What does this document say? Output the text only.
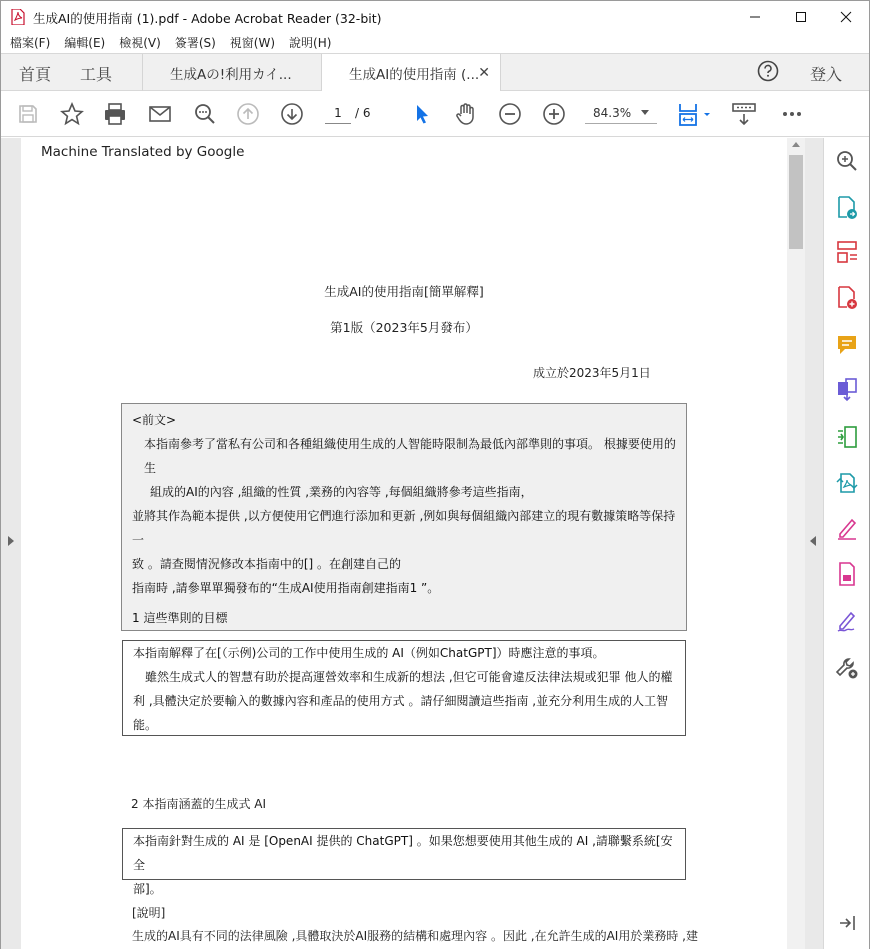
生成AI的使用指南 (1).pdf - Adobe Acrobat Reader (32-bit)
檔案(F) 編輯(E) 檢視(V) 簽署(S) 視窗(W) 說明(H)
首頁 工具	生成Aの!利用カイ...	生成AI的使用指南 (... ✕	登入
1	/ 6	84.3%
Machine Translated by Google
生成AI的使用指南[簡單解釋]
第1版（2023年5月發布）
成立於2023年5月1日
<前文>
本指南參考了當私有公司和各種組織使用生成的人智能時限制為最低內部準則的事項。 根據要使用的生
組成的AI的內容 ,組織的性質 ,業務的內容等 ,每個組織將參考這些指南，
並將其作為範本提供 ,以方便使用它們進行添加和更新 ,例如與每個組織內部建立的現有數據策略等保持一
致 。請查閱情況修改本指南中的[] 。在創建自己的
指南時 ,請參單單獨發布的“生成AI使用指南創建指南1 ”。
1 這些準則的目標
本指南解釋了在[（示例)公司的工作中使用生成的 AI（例如ChatGPT]）時應注意的事項。
雖然生成式人的智慧有助於提高運營效率和生成新的想法 ,但它可能會違反法律法規或犯罪 他人的權
利 ,具體決定於要輸入的數據內容和產品的使用方式 。請仔細閱讀這些指南 ,並充分利用生成的人工智能。
2 本指南涵蓋的生成式 AI
本指南針對生成的 AI 是 [OpenAI 提供的 ChatGPT] 。如果您想要使用其他生成的 AI ,請聯繫系統[安全
部]。
[說明]
生成的AI具有不同的法律風險 ,具體取決於AI服務的結構和處理內容 。因此 ,在允許生成的AI用於業務時 ,建
